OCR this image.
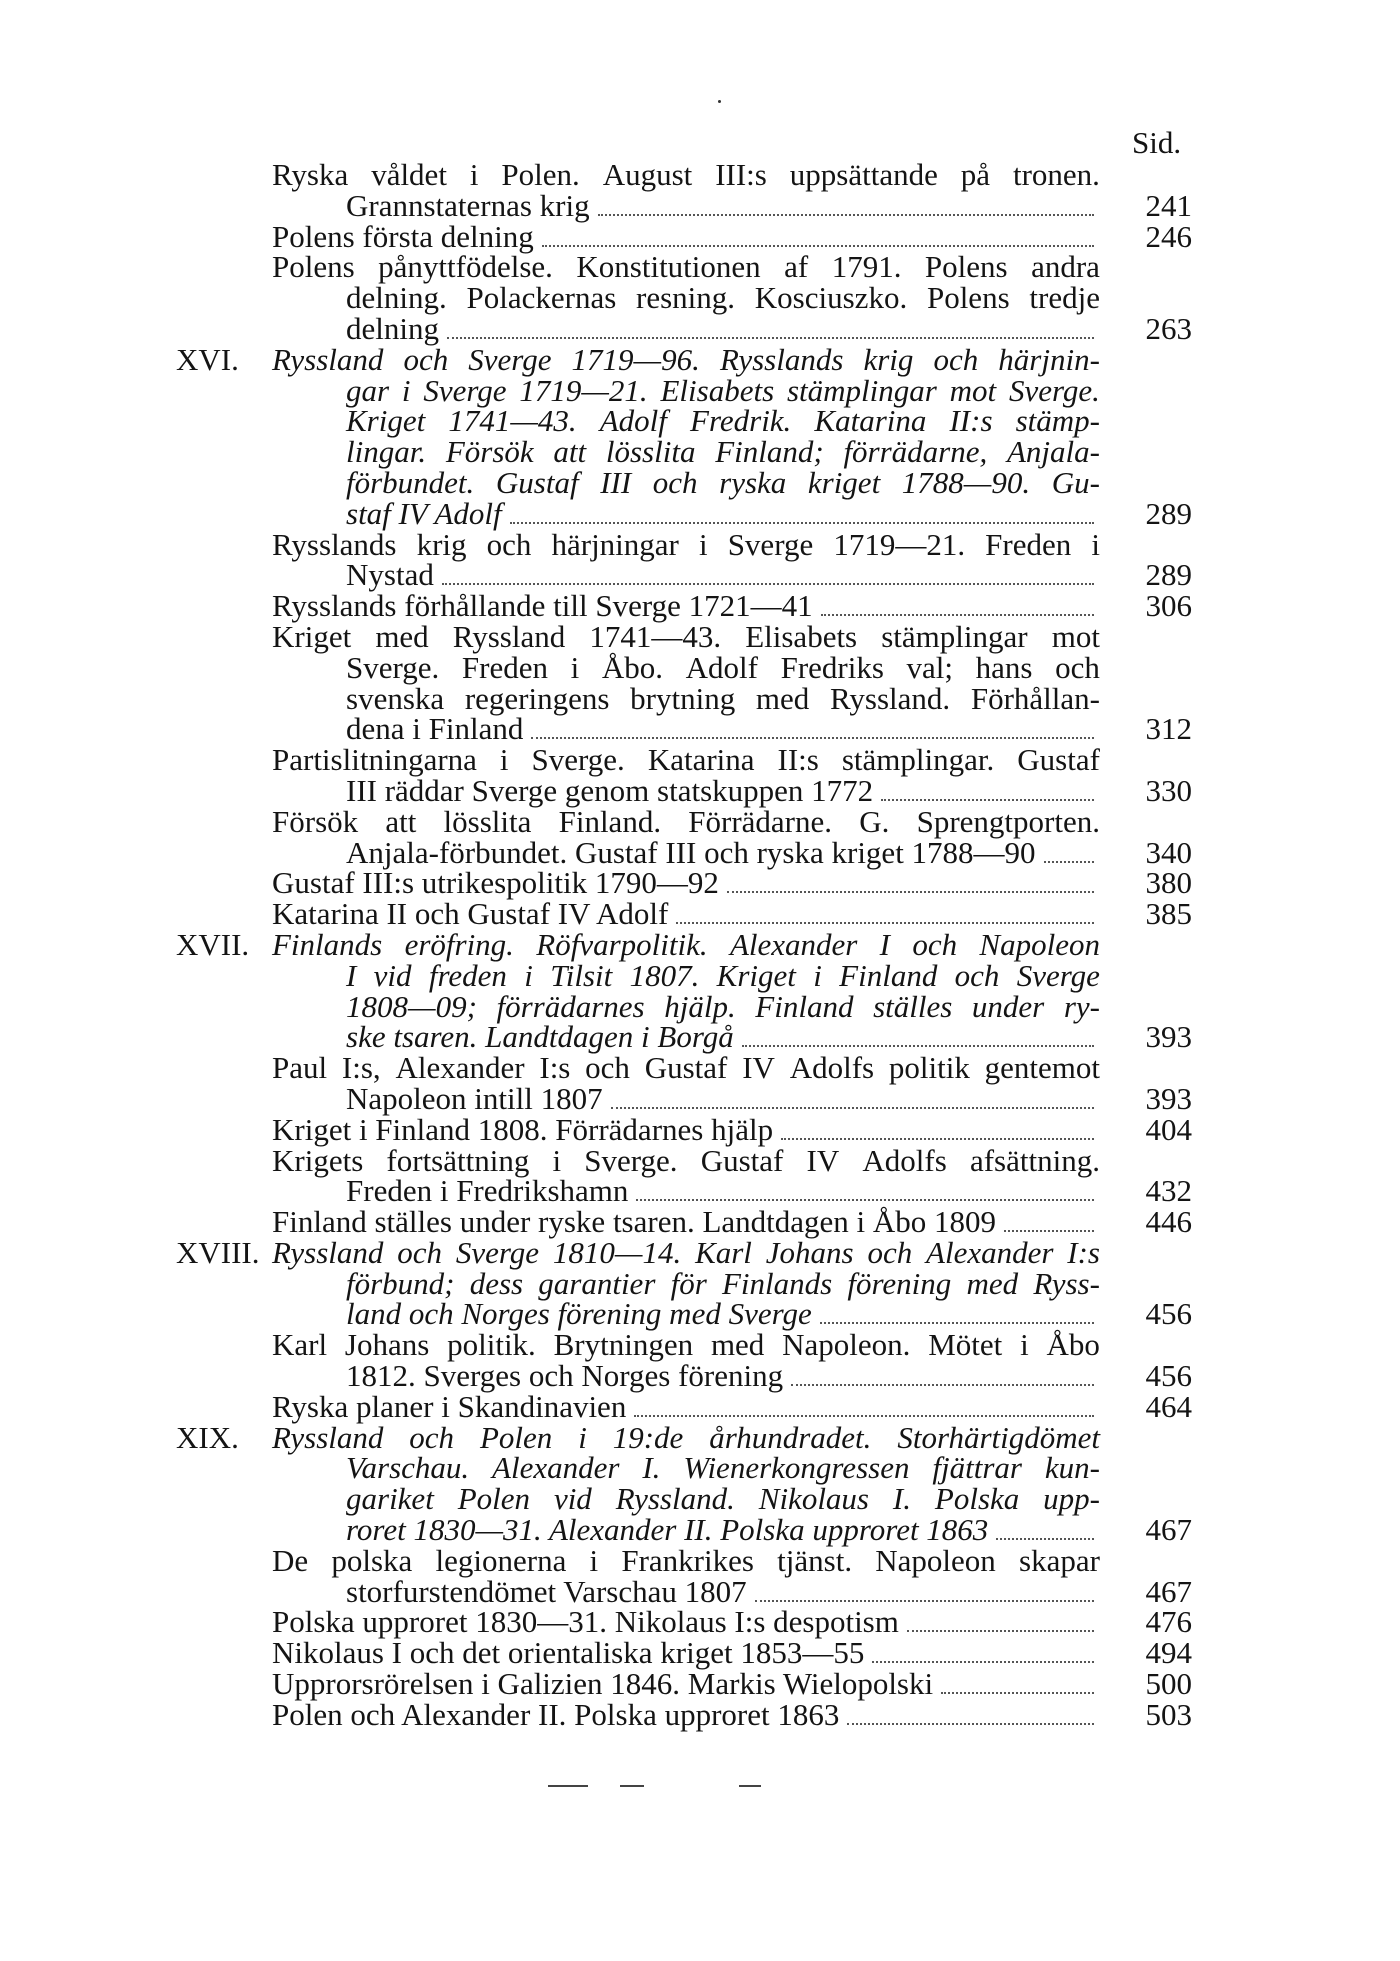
Sid.
Ryska våldet i Polen. August III:s uppsättande på tronen.
Grannstaternas krig	241
Polens första delning	246
Polens pånyttfödelse. Konstitutionen af 1791. Polens andra
delning. Polackernas resning. Kosciuszko. Polens tredje
delning	263
XVI. Ryssland och Sverge 1719—96. Rysslands krig och härjnin-
gar i Sverge 1719—21. Elisabets stämplingar mot Sverge.
Kriget 1741—43. Adolf Fredrik. Katarina II:s stämp-
lingar. Försök att lösslita Finland; förrädarne, Anjala-
förbundet. Gustaf III och ryska kriget 1788—90. Gu-
staf IV Adolf	289
Rysslands krig och härjningar i Sverge 1719—21. Freden i
Nystad	289
Rysslands förhållande till Sverge 1721—41	306
Kriget med Ryssland 1741—43. Elisabets stämplingar mot
Sverge. Freden i Åbo. Adolf Fredriks val; hans och
svenska regeringens brytning med Ryssland. Förhållan-
dena i Finland	312
Partislitningarna i Sverge. Katarina II:s stämplingar. Gustaf
III räddar Sverge genom statskuppen 1772	330
Försök att lösslita Finland. Förrädarne. G. Sprengtporten.
Anjala-förbundet. Gustaf III och ryska kriget 1788—90	340
Gustaf III:s utrikespolitik 1790—92	380
Katarina II och Gustaf IV Adolf	385
XVII. Finlands eröfring. Röfvarpolitik. Alexander I och Napoleon
I vid freden i Tilsit 1807. Kriget i Finland och Sverge
1808—09; förrädarnes hjälp. Finland ställes under ry-
ske tsaren. Landtdagen i Borgå	393
Paul I:s, Alexander I:s och Gustaf IV Adolfs politik gentemot
Napoleon intill 1807	393
Kriget i Finland 1808. Förrädarnes hjälp	404
Krigets fortsättning i Sverge. Gustaf IV Adolfs afsättning.
Freden i Fredrikshamn	432
Finland ställes under ryske tsaren. Landtdagen i Åbo 1809	446
XVIII. Ryssland och Sverge 1810—14. Karl Johans och Alexander I:s
förbund; dess garantier för Finlands förening med Ryss-
land och Norges förening med Sverge	456
Karl Johans politik. Brytningen med Napoleon. Mötet i Åbo
1812. Sverges och Norges förening	456
Ryska planer i Skandinavien	464
XIX. Ryssland och Polen i 19:de århundradet. Storhärtigdömet
Varschau. Alexander I. Wienerkongressen fjättrar kun-
gariket Polen vid Ryssland. Nikolaus I. Polska upp-
roret 1830—31. Alexander II. Polska upproret 1863	467
De polska legionerna i Frankrikes tjänst. Napoleon skapar
storfurstendömet Varschau 1807	467
Polska upproret 1830—31. Nikolaus I:s despotism	476
Nikolaus I och det orientaliska kriget 1853—55	494
Upprorsrörelsen i Galizien 1846. Markis Wielopolski	500
Polen och Alexander II. Polska upproret 1863	503
